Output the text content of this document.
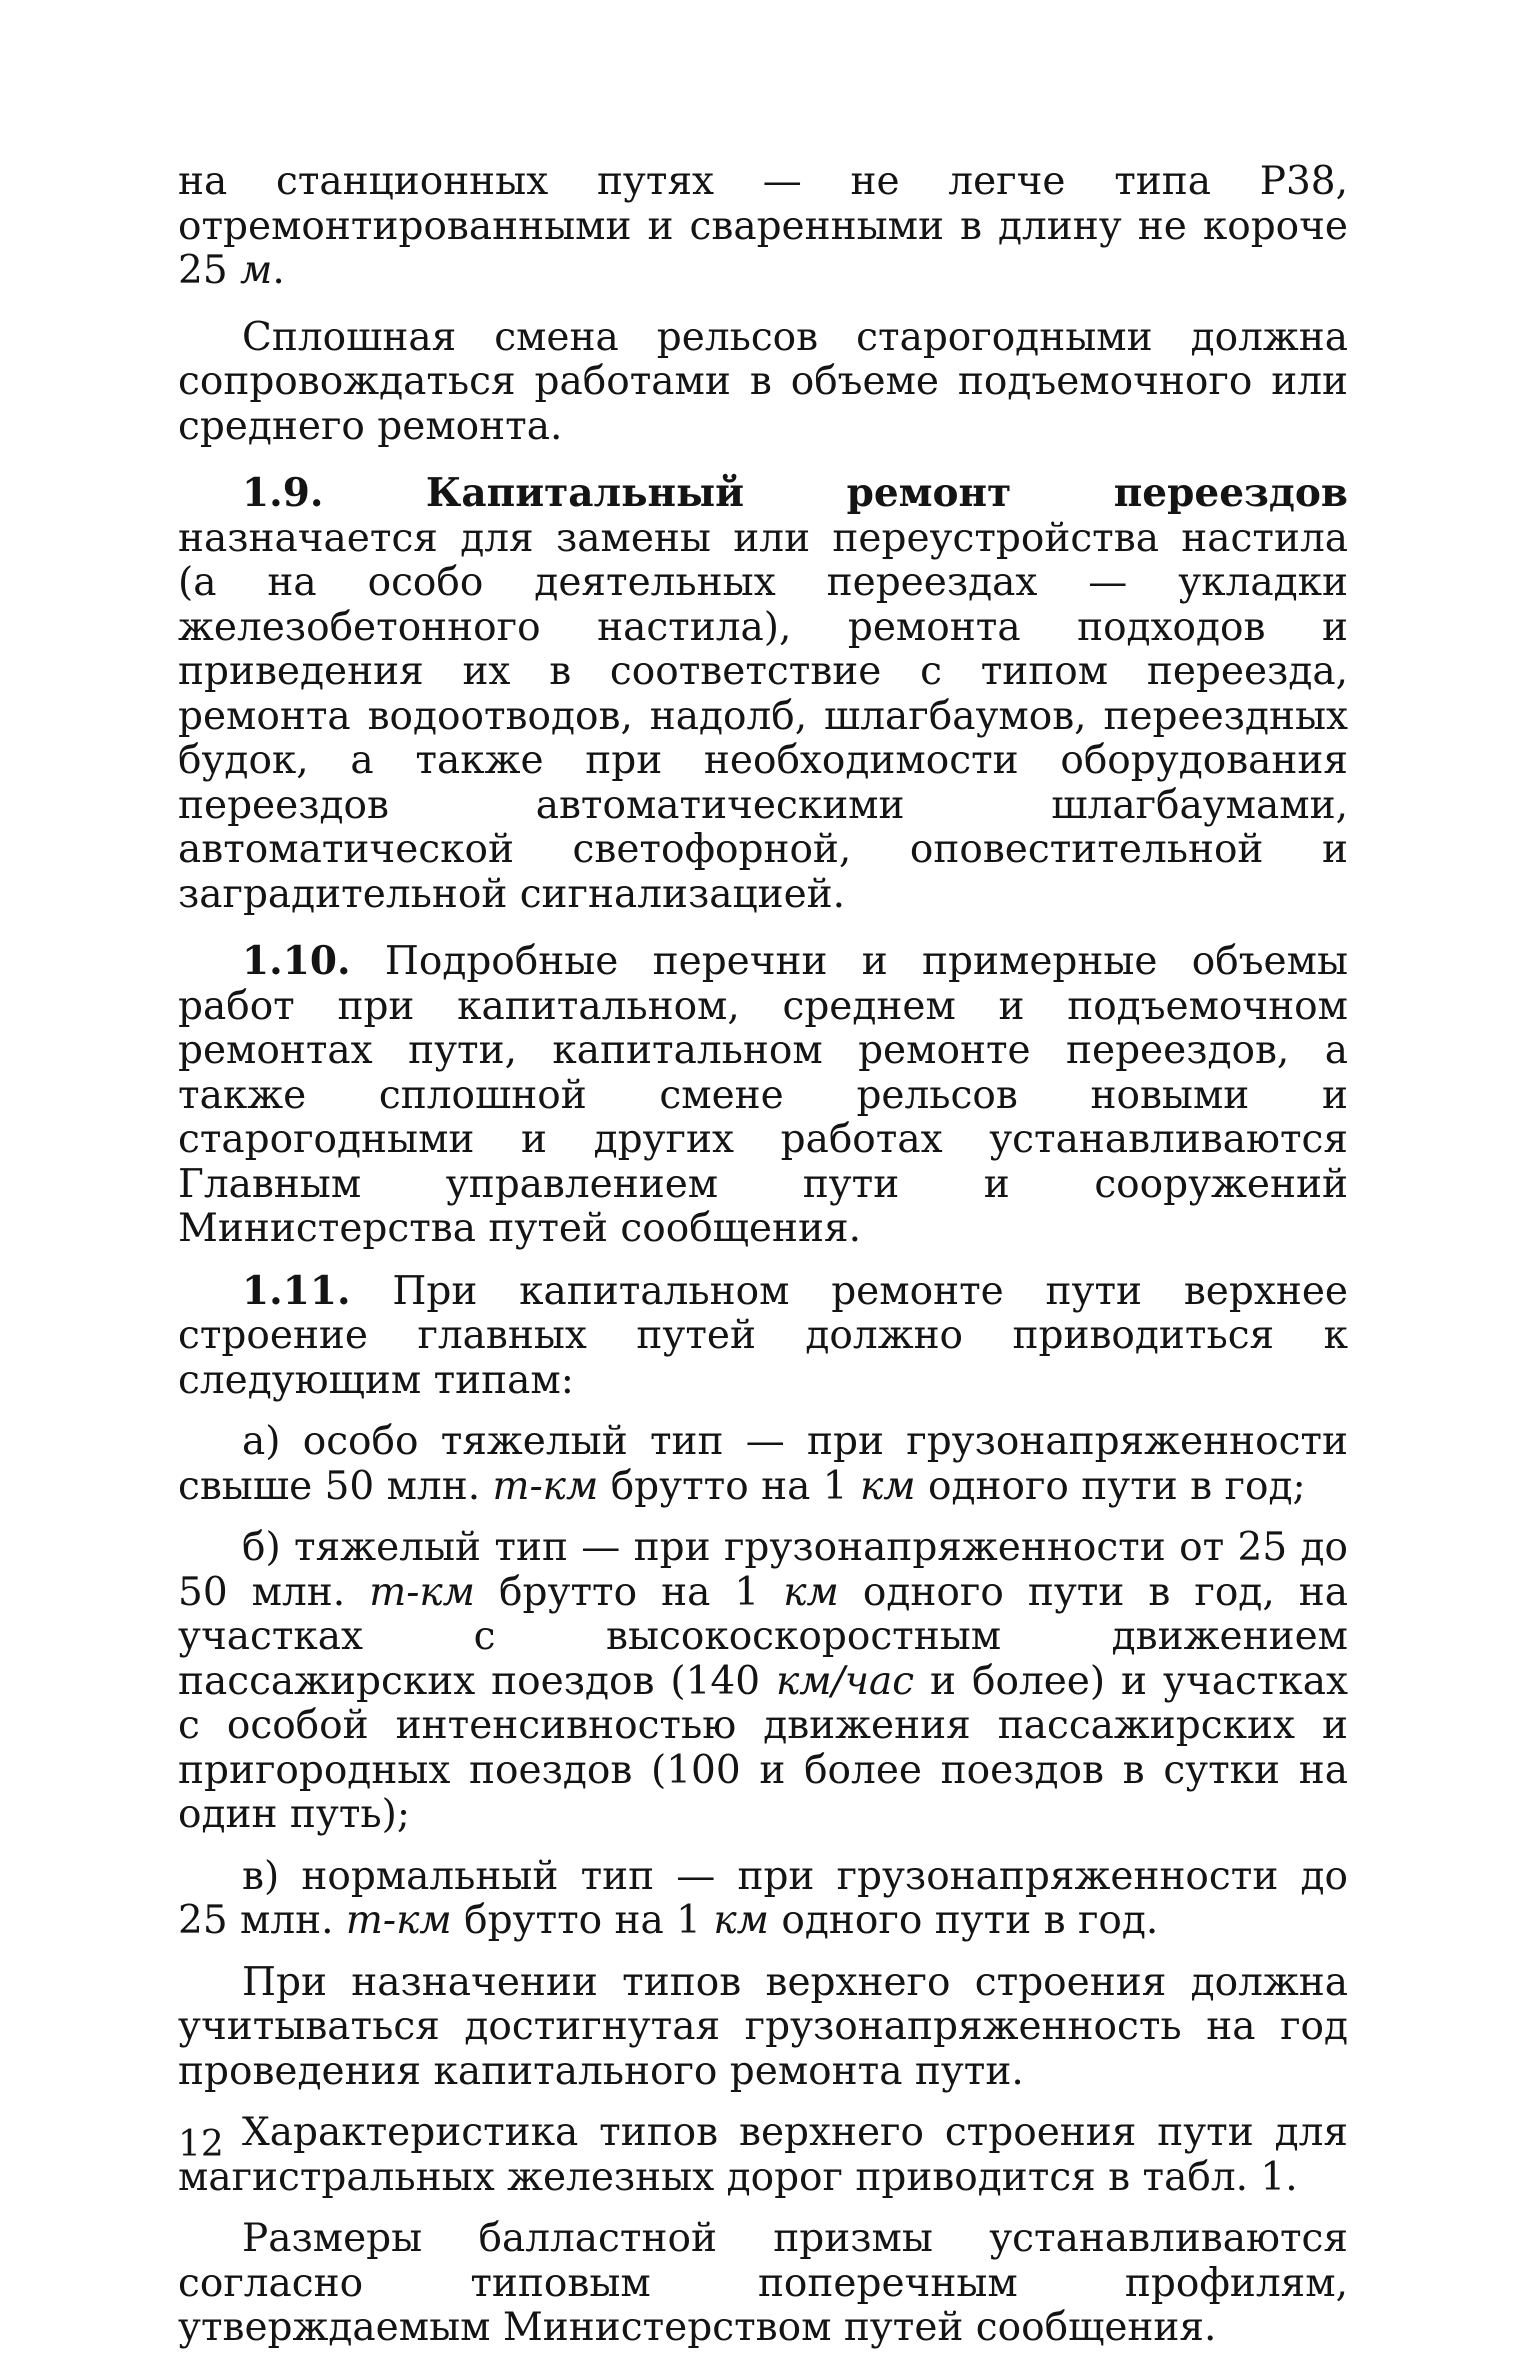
на станционных путях — не легче типа Р38, отремонтированными и сваренными в длину не короче 25 м.

Сплошная смена рельсов старогодными должна сопровождаться работами в объеме подъемочного или среднего ремонта.

1.9. Капитальный ремонт переездов назначается для замены или переустройства настила (а на особо деятельных переездах — укладки железобетонного настила), ремонта подходов и приведения их в соответствие с типом переезда, ремонта водоотводов, надолб, шлагбаумов, переездных будок, а также при необходимости оборудования переездов автоматическими шлагбаумами, автоматической светофорной, оповестительной и заградительной сигнализацией.

1.10. Подробные перечни и примерные объемы работ при капитальном, среднем и подъемочном ремонтах пути, капитальном ремонте переездов, а также сплошной смене рельсов новыми и старогодными и других работах устанавливаются Главным управлением пути и сооружений Министерства путей сообщения.

1.11. При капитальном ремонте пути верхнее строение главных путей должно приводиться к следующим типам:

а) особо тяжелый тип — при грузонапряженности свыше 50 млн. т-км брутто на 1 км одного пути в год;

б) тяжелый тип — при грузонапряженности от 25 до 50 млн. т-км брутто на 1 км одного пути в год, на участках с высокоскоростным движением пассажирских поездов (140 км/час и более) и участках с особой интенсивностью движения пассажирских и пригородных поездов (100 и более поездов в сутки на один путь);

в) нормальный тип — при грузонапряженности до 25 млн. т-км брутто на 1 км одного пути в год.

При назначении типов верхнего строения должна учитываться достигнутая грузонапряженность на год проведения капитального ремонта пути.

Характеристика типов верхнего строения пути для магистральных железных дорог приводится в табл. 1.

Размеры балластной призмы устанавливаются согласно типовым поперечным профилям, утверждаемым Министерством путей сообщения.

12
